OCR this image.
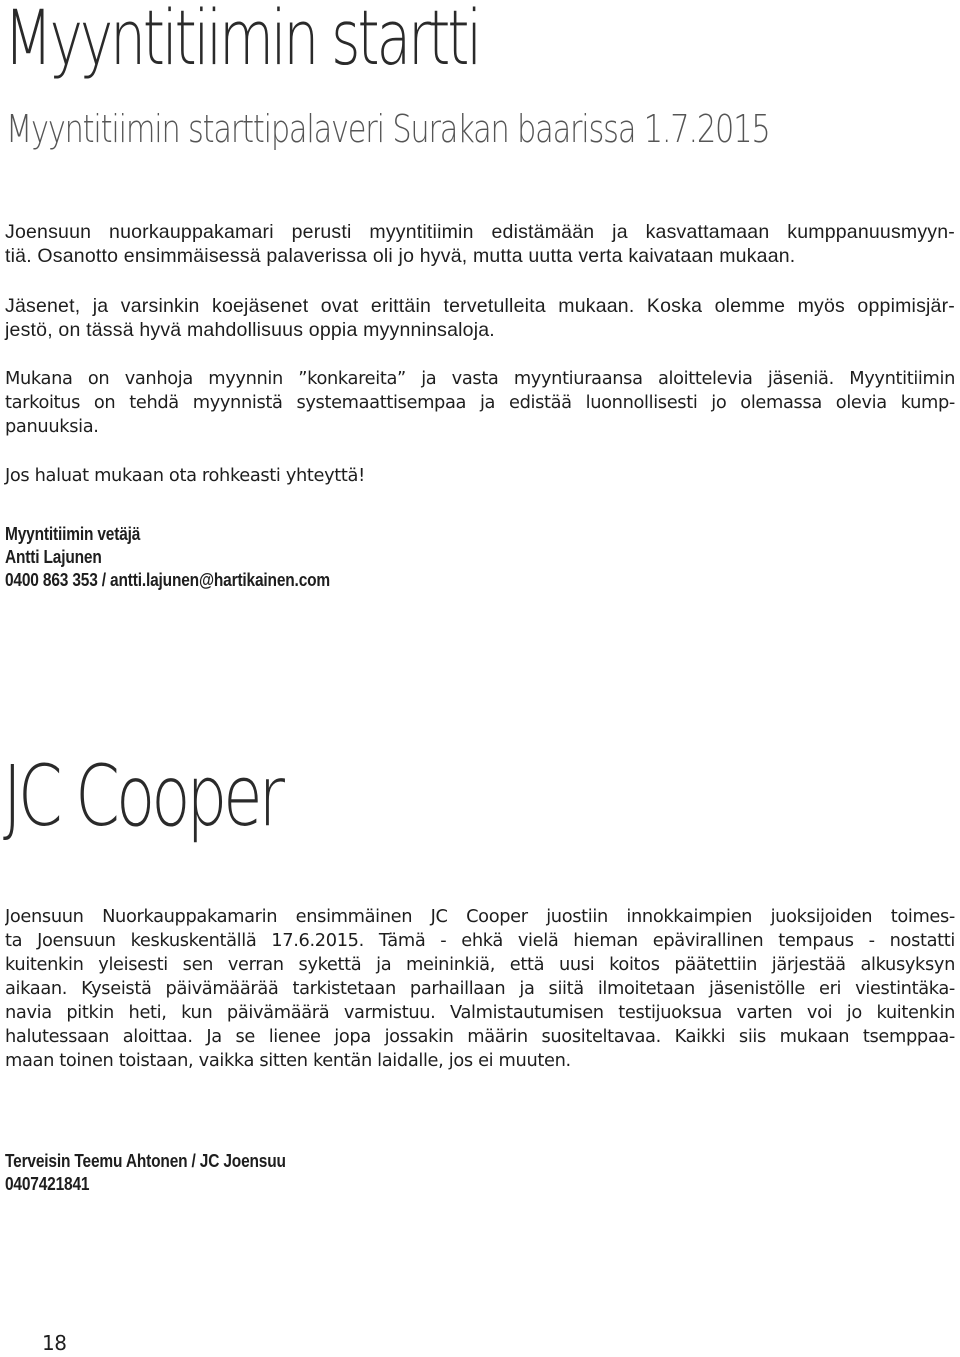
Myyntitiimin startti
Myyntitiimin starttipalaveri Surakan baarissa 1.7.2015

Joensuun nuorkauppakamari perusti myyntitiimin edistämään ja kasvattamaan kumppanuusmyyn-
tiä. Osanotto ensimmäisessä palaverissa oli jo hyvä, mutta uutta verta kaivataan mukaan.

Jäsenet, ja varsinkin koejäsenet ovat erittäin tervetulleita mukaan. Koska olemme myös oppimisjär-
jestö, on tässä hyvä mahdollisuus oppia myynninsaloja.

Mukana on vanhoja myynnin ”konkareita” ja vasta myyntiuraansa aloittelevia jäseniä. Myyntitiimin
tarkoitus on tehdä myynnistä systemaattisempaa ja edistää luonnollisesti jo olemassa olevia kump-
panuuksia.

Jos haluat mukaan ota rohkeasti yhteyttä!

Myyntitiimin vetäjä
Antti Lajunen
0400 863 353 / antti.lajunen@hartikainen.com
JC Cooper

Joensuun Nuorkauppakamarin ensimmäinen JC Cooper juostiin innokkaimpien juoksijoiden toimes-
ta Joensuun keskuskentällä 17.6.2015. Tämä - ehkä vielä hieman epävirallinen tempaus - nostatti
kuitenkin yleisesti sen verran sykettä ja meininkiä, että uusi koitos päätettiin järjestää alkusyksyn
aikaan. Kyseistä päivämäärää tarkistetaan parhaillaan ja siitä ilmoitetaan jäsenistölle eri viestintäka-
navia pitkin heti, kun päivämäärä varmistuu. Valmistautumisen testijuoksua varten voi jo kuitenkin
halutessaan aloittaa. Ja se lienee jopa jossakin määrin suositeltavaa. Kaikki siis mukaan tsemppaa-
maan toinen toistaan, vaikka sitten kentän laidalle, jos ei muuten.

Terveisin Teemu Ahtonen / JC Joensuu
0407421841
18
